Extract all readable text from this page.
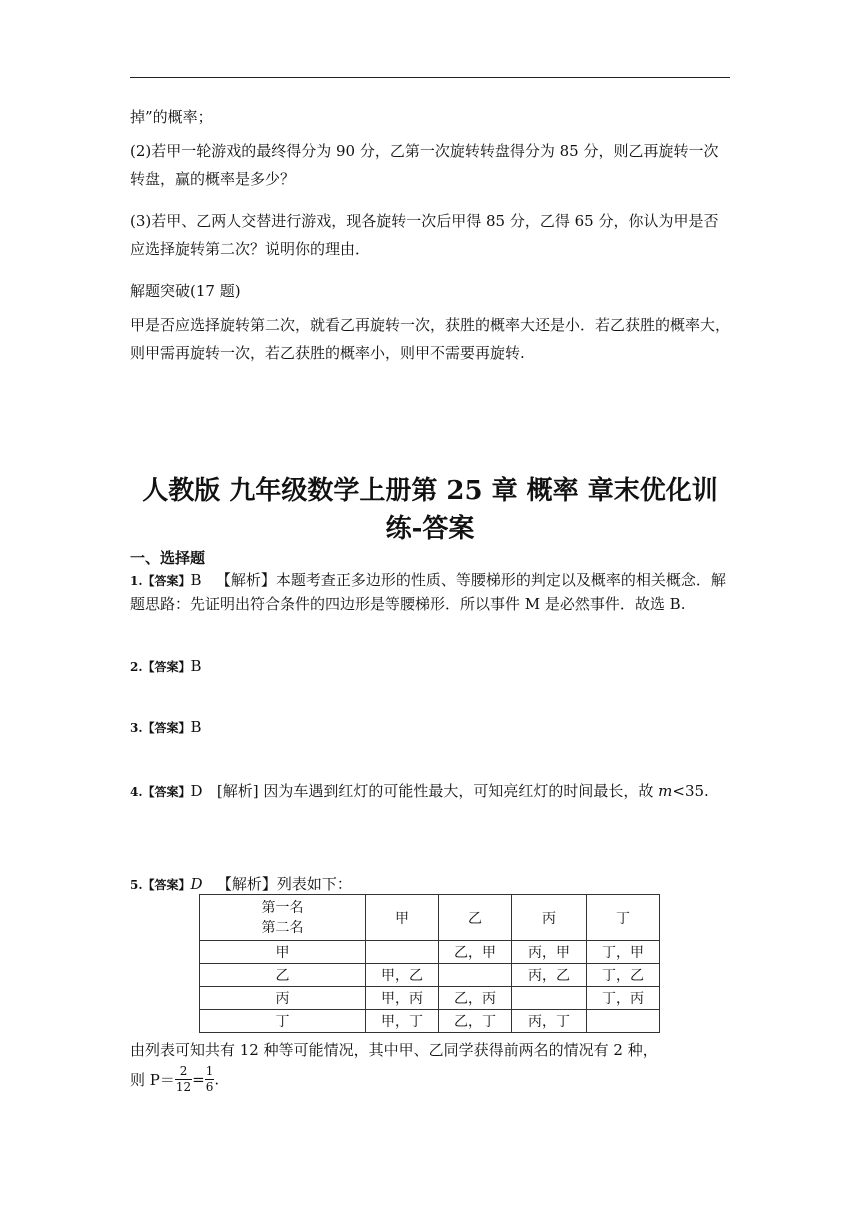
掉”的概率；

(2)若甲一轮游戏的最终得分为 90 分，乙第一次旋转转盘得分为 85 分，则乙再旋转一次转盘，赢的概率是多少？

(3)若甲、乙两人交替进行游戏，现各旋转一次后甲得 85 分，乙得 65 分，你认为甲是否应选择旋转第二次？说明你的理由．

解题突破(17 题)

甲是否应选择旋转第二次，就看乙再旋转一次，获胜的概率大还是小．若乙获胜的概率大，则甲需再旋转一次，若乙获胜的概率小，则甲不需要再旋转.

人教版 九年级数学上册第 25 章 概率 章末优化训练-答案
一、选择题

1.【答案】B 【解析】本题考查正多边形的性质、等腰梯形的判定以及概率的相关概念．解题思路：先证明出符合条件的四边形是等腰梯形．所以事件 M 是必然事件．故选 B.

2.【答案】B

3.【答案】B

4.【答案】D [解析] 因为车遇到红灯的可能性最大，可知亮红灯的时间最长，故 m<35.

5.【答案】D 【解析】列表如下：

第一名
第二名	甲	乙	丙	丁
甲		乙，甲	丙，甲	丁，甲
乙	甲，乙		丙，乙	丁，乙
丙	甲，丙	乙，丙		丁，丙
丁	甲，丁	乙，丁	丙，丁	

由列表可知共有 12 种等可能情况，其中甲、乙同学获得前两名的情况有 2 种，

则 $P= \frac{2}{12} = \frac{1}{6}$ .
